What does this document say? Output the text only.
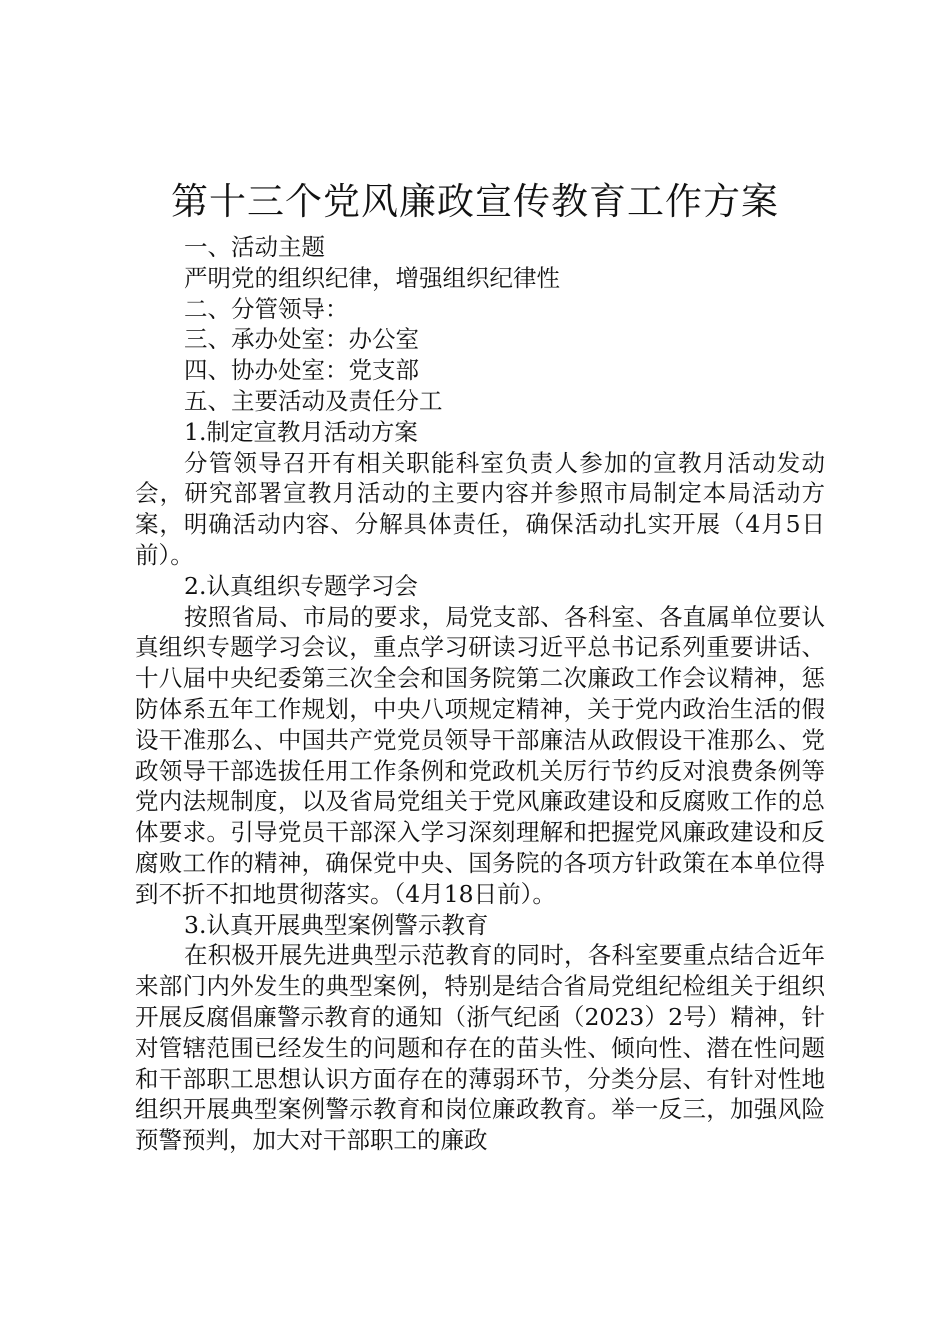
第十三个党风廉政宣传教育工作方案

一、活动主题

严明党的组织纪律，增强组织纪律性

二、分管领导：

三、承办处室：办公室

四、协办处室：党支部

五、主要活动及责任分工

1.制定宣教月活动方案

分管领导召开有相关职能科室负责人参加的宣教月活动发动会，研究部署宣教月活动的主要内容并参照市局制定本局活动方案，明确活动内容、分解具体责任，确保活动扎实开展（4月5日前）。

2.认真组织专题学习会

按照省局、市局的要求，局党支部、各科室、各直属单位要认真组织专题学习会议，重点学习研读习近平总书记系列重要讲话、十八届中央纪委第三次全会和国务院第二次廉政工作会议精神，惩防体系五年工作规划，中央八项规定精神，关于党内政治生活的假设干准那么、中国共产党党员领导干部廉洁从政假设干准那么、党政领导干部选拔任用工作条例和党政机关厉行节约反对浪费条例等党内法规制度，以及省局党组关于党风廉政建设和反腐败工作的总体要求。引导党员干部深入学习深刻理解和把握党风廉政建设和反腐败工作的精神，确保党中央、国务院的各项方针政策在本单位得到不折不扣地贯彻落实。（4月18日前）。

3.认真开展典型案例警示教育

在积极开展先进典型示范教育的同时，各科室要重点结合近年来部门内外发生的典型案例，特别是结合省局党组纪检组关于组织开展反腐倡廉警示教育的通知（浙气纪函（2023）2号）精神，针对管辖范围已经发生的问题和存在的苗头性、倾向性、潜在性问题和干部职工思想认识方面存在的薄弱环节，分类分层、有针对性地组织开展典型案例警示教育和岗位廉政教育。举一反三，加强风险预警预判，加大对干部职工的廉政
